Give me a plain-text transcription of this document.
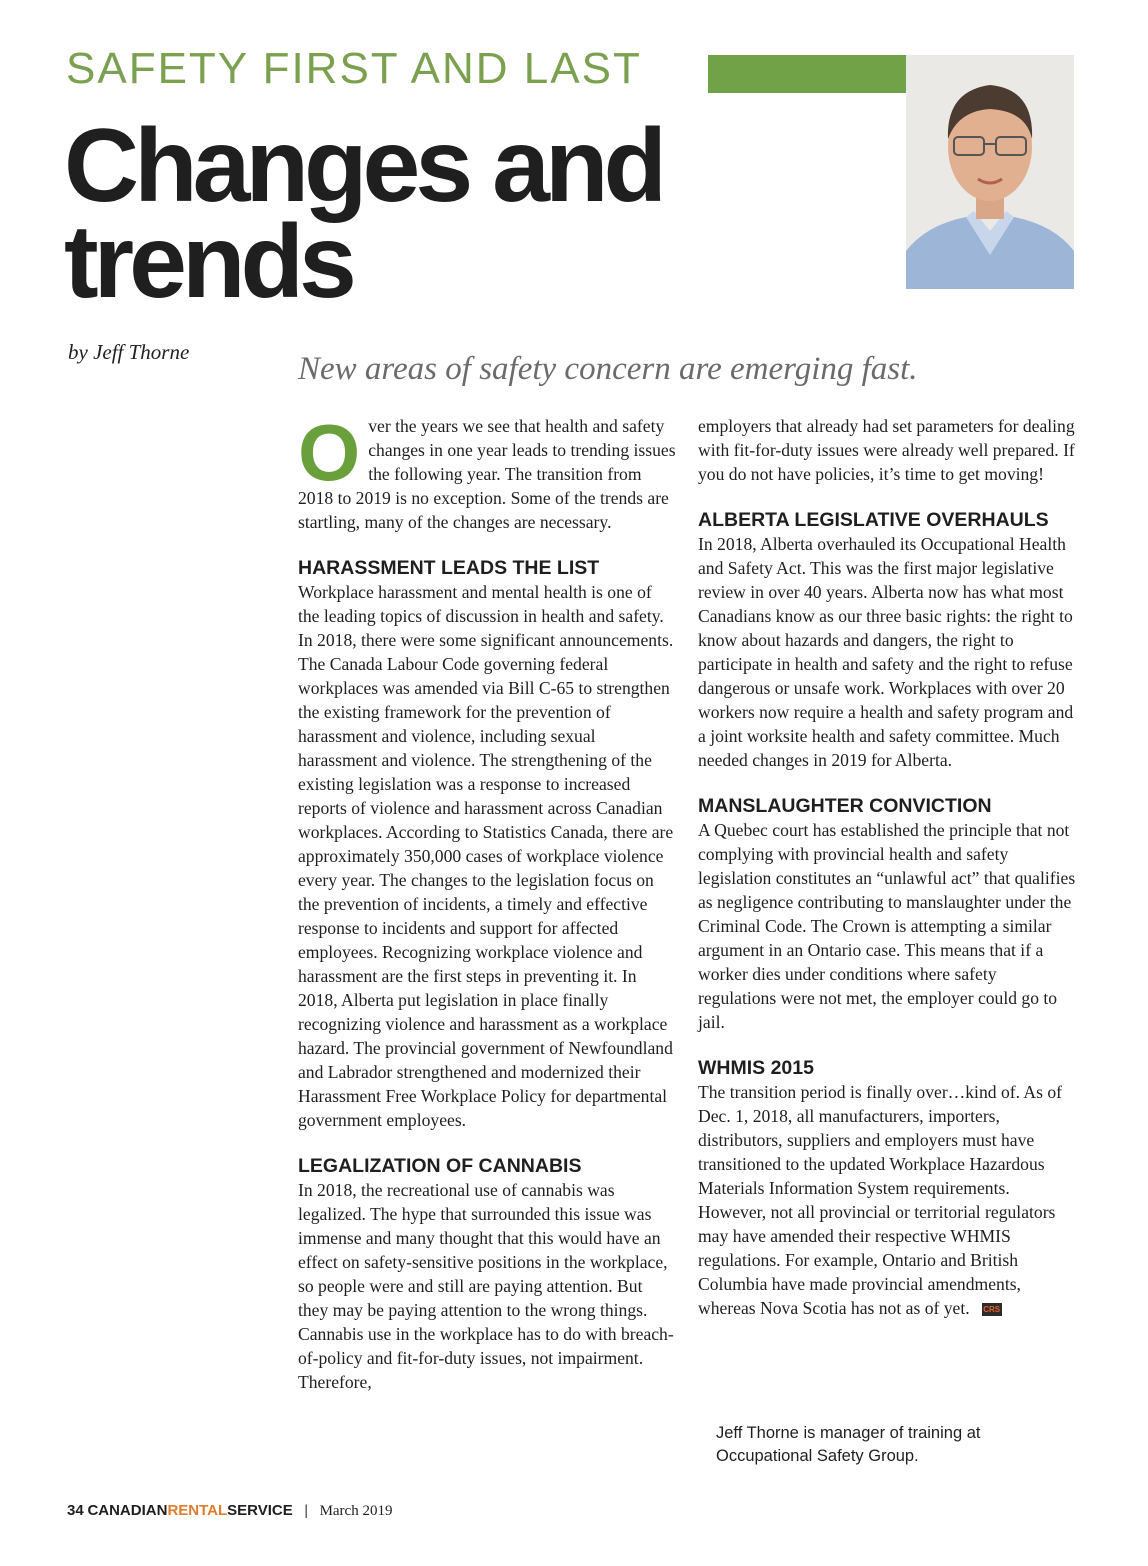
SAFETY FIRST AND LAST
Changes and
trends
by Jeff Thorne	New areas of safety concern are emerging fast.

Over the years we see that health and safety changes in one year leads to trending issues the following year. The transition from 2018 to 2019 is no exception. Some of the trends are startling, many of the changes are necessary.

HARASSMENT LEADS THE LIST

Workplace harassment and mental health is one of the leading topics of discussion in health and safety. In 2018, there were some significant announcements. The Canada Labour Code governing federal workplaces was amended via Bill C-65 to strengthen the existing framework for the prevention of harassment and violence, including sexual harassment and violence. The strengthening of the existing legislation was a response to increased reports of violence and harassment across Canadian workplaces. According to Statistics Canada, there are approximately 350,000 cases of workplace violence every year. The changes to the legislation focus on the prevention of incidents, a timely and effective response to incidents and support for affected employees. Recognizing workplace violence and harassment are the first steps in preventing it. In 2018, Alberta put legislation in place finally recognizing violence and harassment as a workplace hazard. The provincial government of Newfoundland and Labrador strengthened and modernized their Harassment Free Workplace Policy for departmental government employees.

LEGALIZATION OF CANNABIS

In 2018, the recreational use of cannabis was legalized. The hype that surrounded this issue was immense and many thought that this would have an effect on safety-sensitive positions in the workplace, so people were and still are paying attention. But they may be paying attention to the wrong things. Cannabis use in the workplace has to do with breach-of-policy and fit-for-duty issues, not impairment. Therefore,

employers that already had set parameters for dealing with fit-for-duty issues were already well prepared. If you do not have policies, it’s time to get moving!

ALBERTA LEGISLATIVE OVERHAULS

In 2018, Alberta overhauled its Occupational Health and Safety Act. This was the first major legislative review in over 40 years. Alberta now has what most Canadians know as our three basic rights: the right to know about hazards and dangers, the right to participate in health and safety and the right to refuse dangerous or unsafe work. Workplaces with over 20 workers now require a health and safety program and a joint worksite health and safety committee. Much needed changes in 2019 for Alberta.

MANSLAUGHTER CONVICTION

A Quebec court has established the principle that not complying with provincial health and safety legislation constitutes an “unlawful act” that qualifies as negligence contributing to manslaughter under the Criminal Code. The Crown is attempting a similar argument in an Ontario case. This means that if a worker dies under conditions where safety regulations were not met, the employer could go to jail.

WHMIS 2015

The transition period is finally over…kind of. As of Dec. 1, 2018, all manufacturers, importers, distributors, suppliers and employers must have transitioned to the updated Workplace Hazardous Materials Information System requirements. However, not all provincial or territorial regulators may have amended their respective WHMIS regulations. For example, Ontario and British Columbia have made provincial amendments, whereas Nova Scotia has not as of yet. CRS

Jeff Thorne is manager of training at Occupational Safety Group.
34 CANADIANRENTALSERVICE | March 2019
